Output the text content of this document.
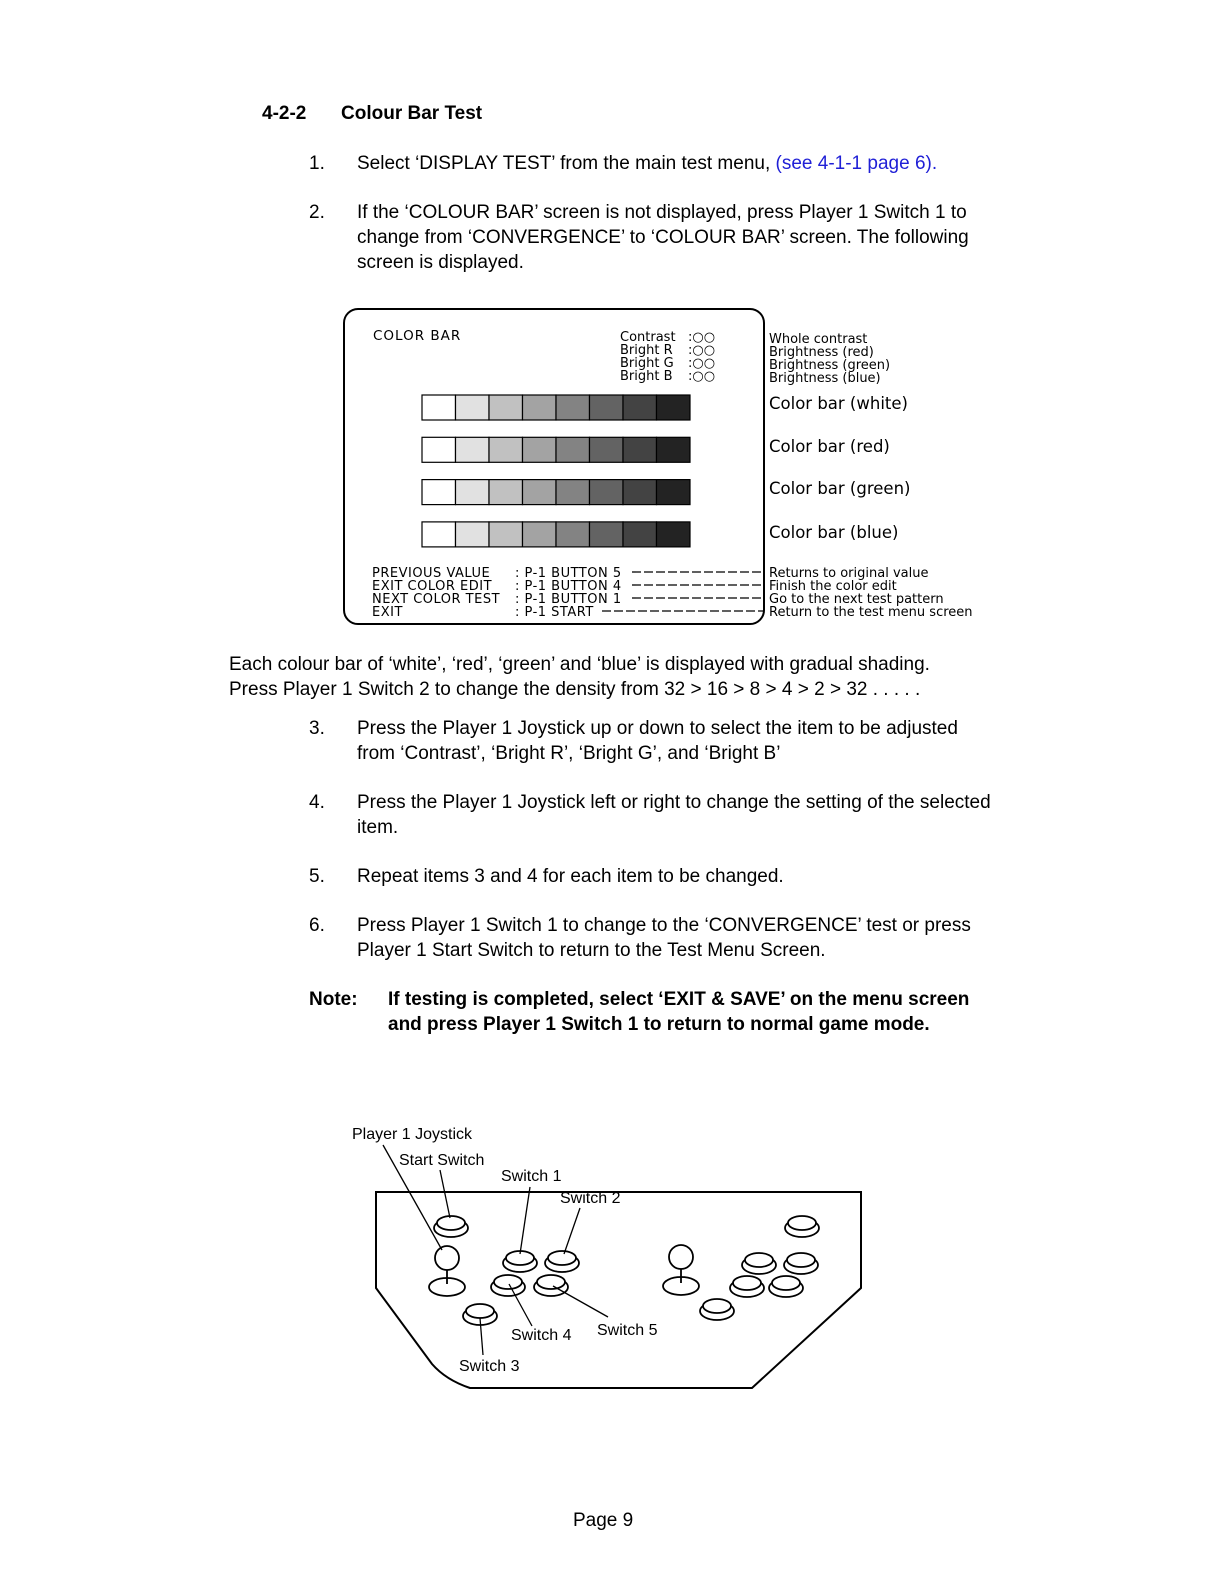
4-2-2 Colour Bar Test
1. Select ‘DISPLAY TEST’ from the main test menu, (see 4-1-1 page 6).
2. If the ‘COLOUR BAR’ screen is not displayed, press Player 1 Switch 1 to
change from ‘CONVERGENCE’ to ‘COLOUR BAR’ screen. The following
screen is displayed.
COLOR BAR	Contrast
Bright R
Bright G
Bright B
:○○
:○○
:○○
:○○
Whole contrast
Brightness (red)
Brightness (green)
Brightness (blue)
Color bar (white)
Color bar (red)
Color bar (green)
Color bar (blue)
PREVIOUS VALUE
EXIT COLOR EDIT
NEXT COLOR TEST
EXIT
: P-1 BUTTON 5
: P-1 BUTTON 4
: P-1 BUTTON 1
: P-1 START
Returns to original value
Finish the color edit
Go to the next test pattern
Return to the test menu screen
Each colour bar of ‘white’, ‘red’, ‘green’ and ‘blue’ is displayed with gradual shading.
Press Player 1 Switch 2 to change the density from 32 > 16 > 8 > 4 > 2 > 32 . . . . .
3. Press the Player 1 Joystick up or down to select the item to be adjusted
from ‘Contrast’, ‘Bright R’, ‘Bright G’, and ‘Bright B’
4. Press the Player 1 Joystick left or right to change the setting of the selected
item.
5. Repeat items 3 and 4 for each item to be changed.
6. Press Player 1 Switch 1 to change to the ‘CONVERGENCE’ test or press
Player 1 Start Switch to return to the Test Menu Screen.
Note: If testing is completed, select ‘EXIT & SAVE’ on the menu screen
and press Player 1 Switch 1 to return to normal game mode.
Player 1 Joystick
Start Switch
Switch 1
Switch 2
Switch 4 Switch 5
Switch 3
Page 9
